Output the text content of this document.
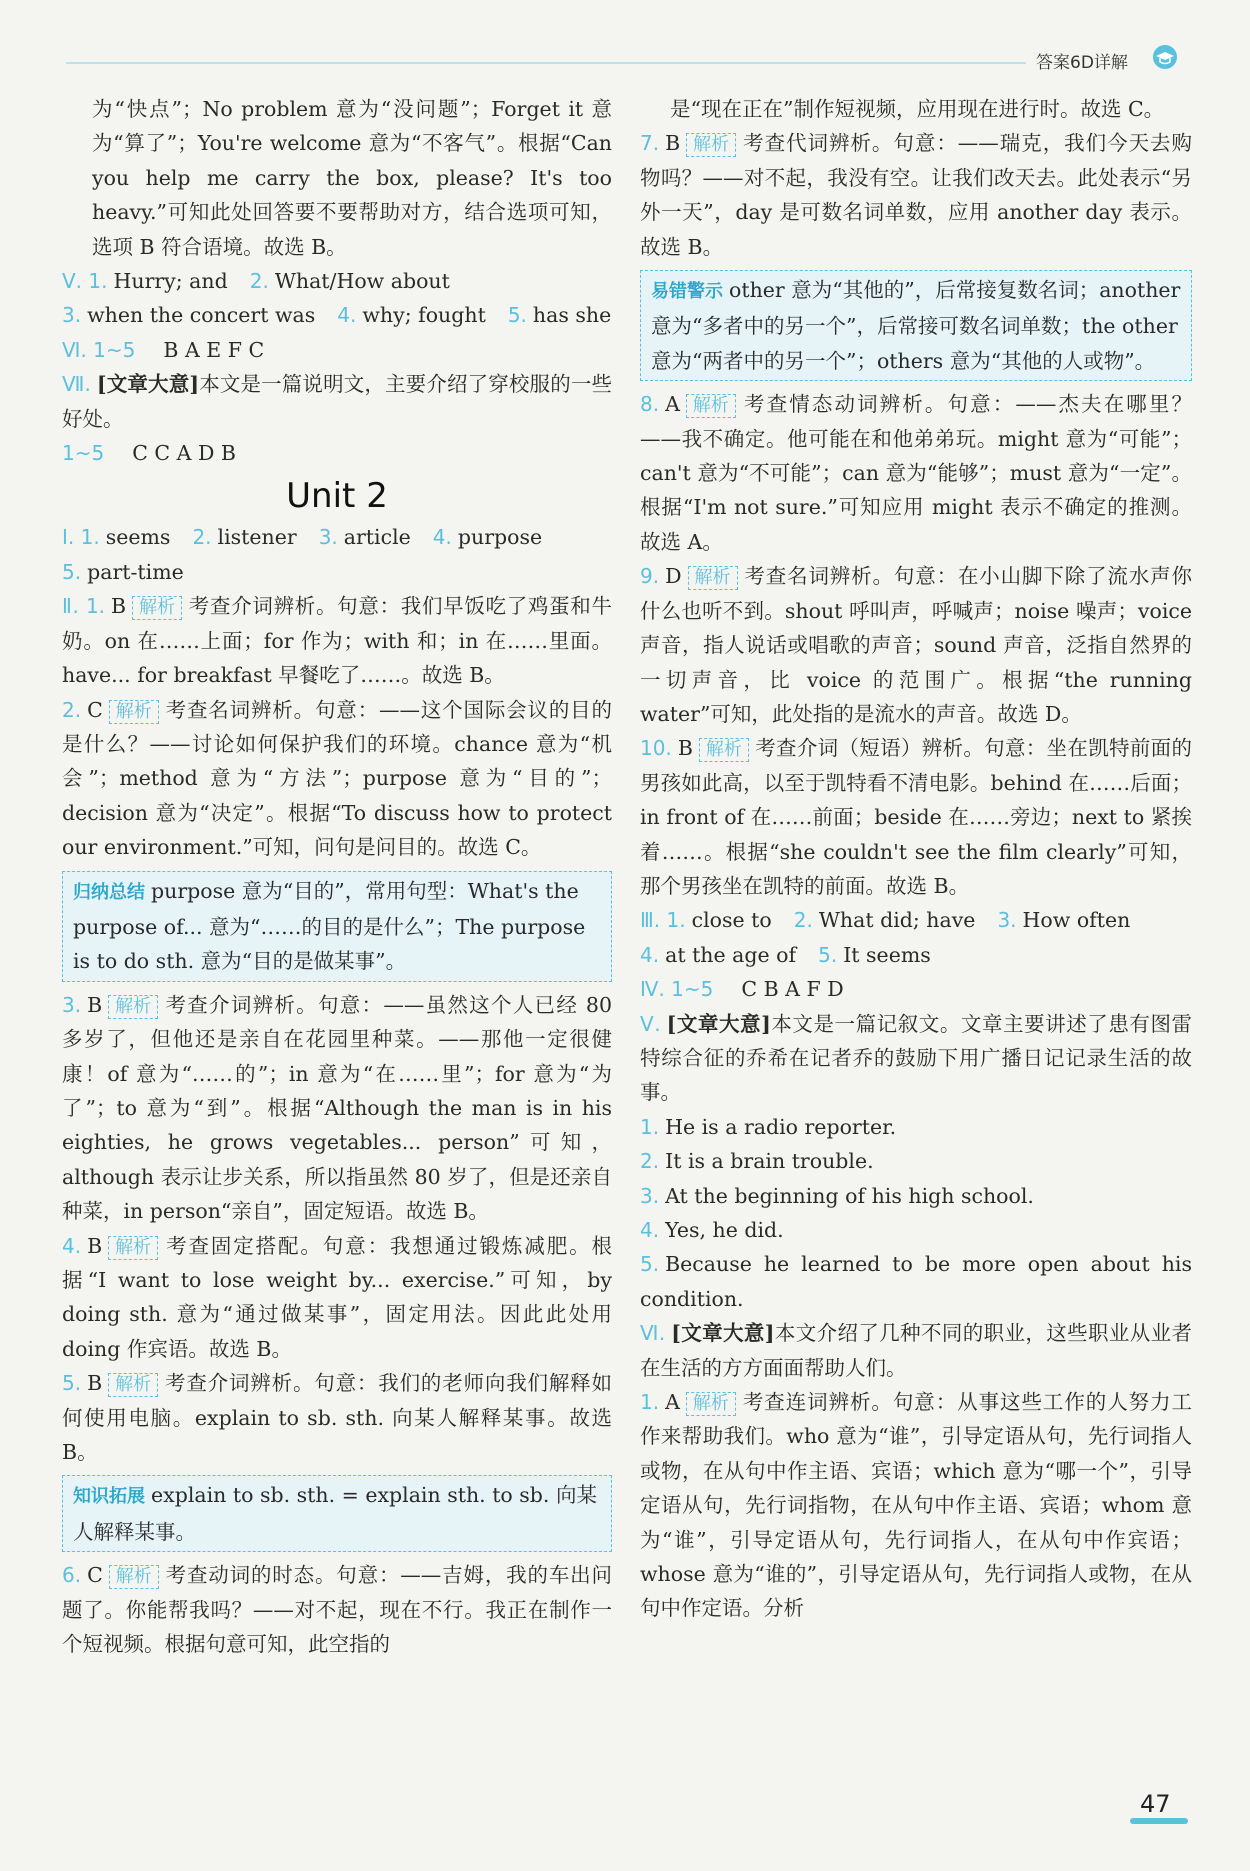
答案6D详解

为“快点”；No problem 意为“没问题”；Forget it 意为“算了”；You're welcome 意为“不客气”。根据“Can you help me carry the box, please? It's too heavy.”可知此处回答要不要帮助对方，结合选项可知，选项 B 符合语境。故选 B。

Ⅴ. 1. Hurry; and 2. What/How about

3. when the concert was 4. why; fought 5. has she

Ⅵ. 1~5 B A E F C

Ⅶ. [文章大意]本文是一篇说明文，主要介绍了穿校服的一些好处。

1~5 C C A D B

Unit 2

Ⅰ. 1. seems 2. listener 3. article 4. purpose

5. part-time

Ⅱ. 1. B 解析 考查介词辨析。句意：我们早饭吃了鸡蛋和牛奶。on 在……上面；for 作为；with 和；in 在……里面。have... for breakfast 早餐吃了……。故选 B。

2. C 解析 考查名词辨析。句意：——这个国际会议的目的是什么？——讨论如何保护我们的环境。chance 意为“机会”；method 意为“方法”；purpose 意为“目的”；decision 意为“决定”。根据“To discuss how to protect our environment.”可知，问句是问目的。故选 C。

归纳总结 purpose 意为“目的”，常用句型：What's the purpose of... 意为“……的目的是什么”；The purpose is to do sth. 意为“目的是做某事”。

3. B 解析 考查介词辨析。句意：——虽然这个人已经 80 多岁了，但他还是亲自在花园里种菜。——那他一定很健康！of 意为“……的”；in 意为“在……里”；for 意为“为了”；to 意为“到”。根据“Although the man is in his eighties, he grows vegetables... person”可知，although 表示让步关系，所以指虽然 80 岁了，但是还亲自种菜，in person“亲自”，固定短语。故选 B。

4. B 解析 考查固定搭配。句意：我想通过锻炼减肥。根据“I want to lose weight by... exercise.”可知，by doing sth. 意为“通过做某事”，固定用法。因此此处用 doing 作宾语。故选 B。

5. B 解析 考查介词辨析。句意：我们的老师向我们解释如何使用电脑。explain to sb. sth. 向某人解释某事。故选 B。

知识拓展 explain to sb. sth. = explain sth. to sb. 向某人解释某事。

6. C 解析 考查动词的时态。句意：——吉姆，我的车出问题了。你能帮我吗？——对不起，现在不行。我正在制作一个短视频。根据句意可知，此空指的

是“现在正在”制作短视频，应用现在进行时。故选 C。

7. B 解析 考查代词辨析。句意：——瑞克，我们今天去购物吗？——对不起，我没有空。让我们改天去。此处表示“另外一天”，day 是可数名词单数，应用 another day 表示。故选 B。

易错警示 other 意为“其他的”，后常接复数名词；another 意为“多者中的另一个”，后常接可数名词单数；the other 意为“两者中的另一个”；others 意为“其他的人或物”。

8. A 解析 考查情态动词辨析。句意：——杰夫在哪里？——我不确定。他可能在和他弟弟玩。might 意为“可能”；can't 意为“不可能”；can 意为“能够”；must 意为“一定”。根据“I'm not sure.”可知应用 might 表示不确定的推测。故选 A。

9. D 解析 考查名词辨析。句意：在小山脚下除了流水声你什么也听不到。shout 呼叫声，呼喊声；noise 噪声；voice 声音，指人说话或唱歌的声音；sound 声音，泛指自然界的一切声音，比 voice 的范围广。根据“the running water”可知，此处指的是流水的声音。故选 D。

10. B 解析 考查介词（短语）辨析。句意：坐在凯特前面的男孩如此高，以至于凯特看不清电影。behind 在……后面；in front of 在……前面；beside 在……旁边；next to 紧挨着……。根据“she couldn't see the film clearly”可知，那个男孩坐在凯特的前面。故选 B。

Ⅲ. 1. close to 2. What did; have 3. How often

4. at the age of 5. It seems

Ⅳ. 1~5 C B A F D

Ⅴ. [文章大意]本文是一篇记叙文。文章主要讲述了患有图雷特综合征的乔希在记者乔的鼓励下用广播日记记录生活的故事。

1. He is a radio reporter.

2. It is a brain trouble.

3. At the beginning of his high school.

4. Yes, he did.

5. Because he learned to be more open about his condition.

Ⅵ. [文章大意]本文介绍了几种不同的职业，这些职业从业者在生活的方方面面帮助人们。

1. A 解析 考查连词辨析。句意：从事这些工作的人努力工作来帮助我们。who 意为“谁”，引导定语从句，先行词指人或物，在从句中作主语、宾语；which 意为“哪一个”，引导定语从句，先行词指物，在从句中作主语、宾语；whom 意为“谁”，引导定语从句，先行词指人，在从句中作宾语；whose 意为“谁的”，引导定语从句，先行词指人或物，在从句中作定语。分析

47
